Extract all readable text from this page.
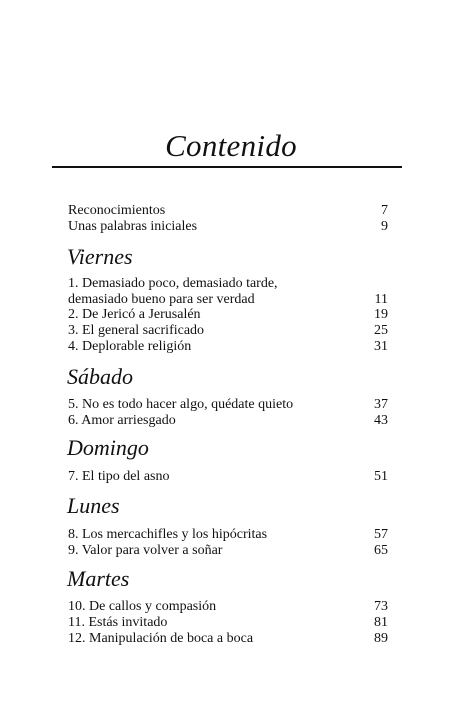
Contenido
Reconocimientos	7
Unas palabras iniciales	9
Viernes
1. Demasiado poco, demasiado tarde,
demasiado bueno para ser verdad	11
2. De Jericó a Jerusalén	19
3. El general sacrificado	25
4. Deplorable religión	31
Sábado
5. No es todo hacer algo, quédate quieto	37
6. Amor arriesgado	43
Domingo
7. El tipo del asno	51
Lunes
8. Los mercachifles y los hipócritas	57
9. Valor para volver a soñar	65
Martes
10. De callos y compasión	73
11. Estás invitado	81
12. Manipulación de boca a boca	89
